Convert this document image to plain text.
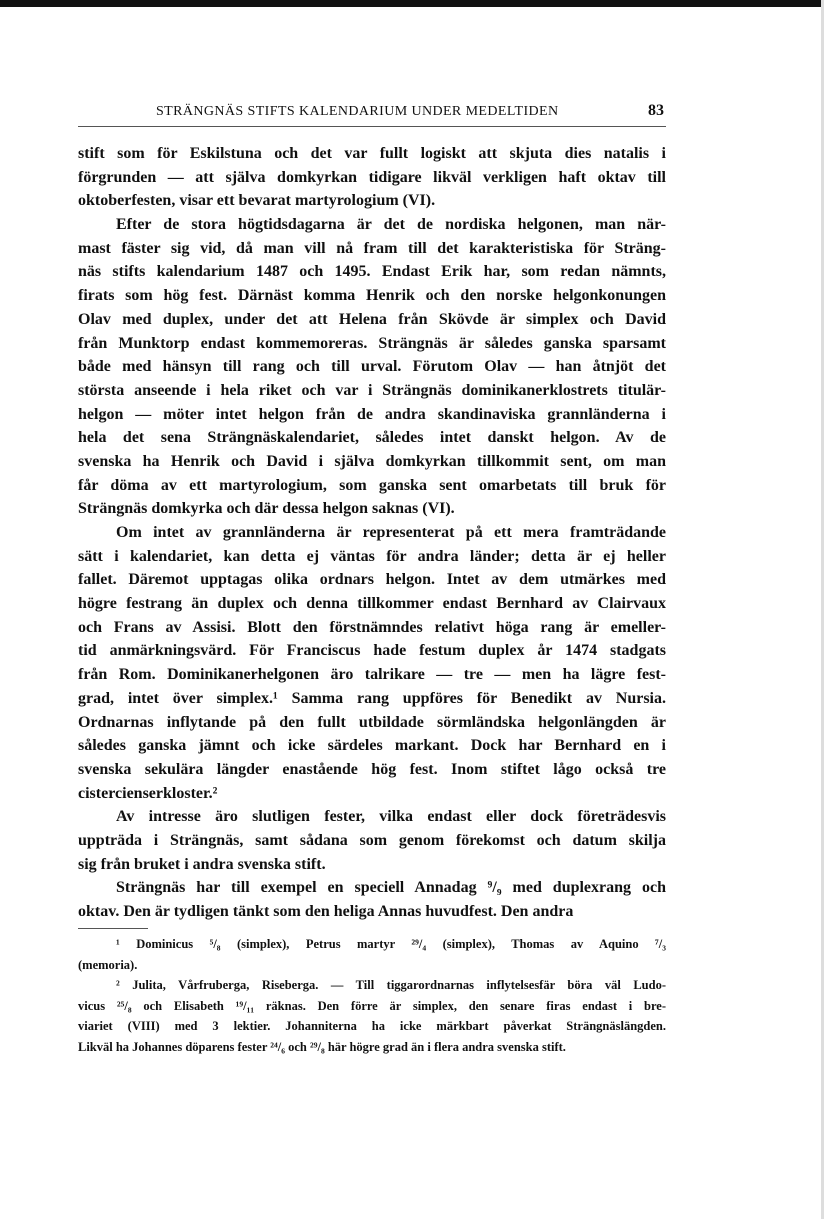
STRÄNGNÄS STIFTS KALENDARIUM UNDER MEDELTIDEN	83
stift som för Eskilstuna och det var fullt logiskt att skjuta dies natalis i
förgrunden — att själva domkyrkan tidigare likväl verkligen haft oktav till
oktoberfesten, visar ett bevarat martyrologium (VI).
Efter de stora högtidsdagarna är det de nordiska helgonen, man när-
mast fäster sig vid, då man vill nå fram till det karakteristiska för Sträng-
näs stifts kalendarium 1487 och 1495. Endast Erik har, som redan nämnts,
firats som hög fest. Därnäst komma Henrik och den norske helgonkonungen
Olav med duplex, under det att Helena från Skövde är simplex och David
från Munktorp endast kommemoreras. Strängnäs är således ganska sparsamt
både med hänsyn till rang och till urval. Förutom Olav — han åtnjöt det
största anseende i hela riket och var i Strängnäs dominikanerklostrets titulär-
helgon — möter intet helgon från de andra skandinaviska grannländerna i
hela det sena Strängnäskalendariet, således intet danskt helgon. Av de
svenska ha Henrik och David i själva domkyrkan tillkommit sent, om man
får döma av ett martyrologium, som ganska sent omarbetats till bruk för
Strängnäs domkyrka och där dessa helgon saknas (VI).
Om intet av grannländerna är representerat på ett mera framträdande
sätt i kalendariet, kan detta ej väntas för andra länder; detta är ej heller
fallet. Däremot upptagas olika ordnars helgon. Intet av dem utmärkes med
högre festrang än duplex och denna tillkommer endast Bernhard av Clairvaux
och Frans av Assisi. Blott den förstnämndes relativt höga rang är emeller-
tid anmärkningsvärd. För Franciscus hade festum duplex år 1474 stadgats
från Rom. Dominikanerhelgonen äro talrikare — tre — men ha lägre fest-
grad, intet över simplex.¹ Samma rang uppföres för Benedikt av Nursia.
Ordnarnas inflytande på den fullt utbildade sörmländska helgonlängden är
således ganska jämnt och icke särdeles markant. Dock har Bernhard en i
svenska sekulära längder enastående hög fest. Inom stiftet lågo också tre
cistercienserkloster.²
Av intresse äro slutligen fester, vilka endast eller dock företrädesvis
uppträda i Strängnäs, samt sådana som genom förekomst och datum skilja
sig från bruket i andra svenska stift.
Strängnäs har till exempel en speciell Annadag ⁹/₉ med duplexrang och
oktav. Den är tydligen tänkt som den heliga Annas huvudfest. Den andra
¹ Dominicus ⁵/₈ (simplex), Petrus martyr ²⁹/₄ (simplex), Thomas av Aquino ⁷/₃
(memoria).
² Julita, Vårfruberga, Riseberga. — Till tiggarordnarnas inflytelsesfär böra väl Ludo-
vicus ²⁵/₈ och Elisabeth ¹⁹/₁₁ räknas. Den förre är simplex, den senare firas endast i bre-
viariet (VIII) med 3 lektier. Johanniterna ha icke märkbart påverkat Strängnäslängden.
Likväl ha Johannes döparens fester ²⁴/₆ och ²⁹/₈ här högre grad än i flera andra svenska stift.
